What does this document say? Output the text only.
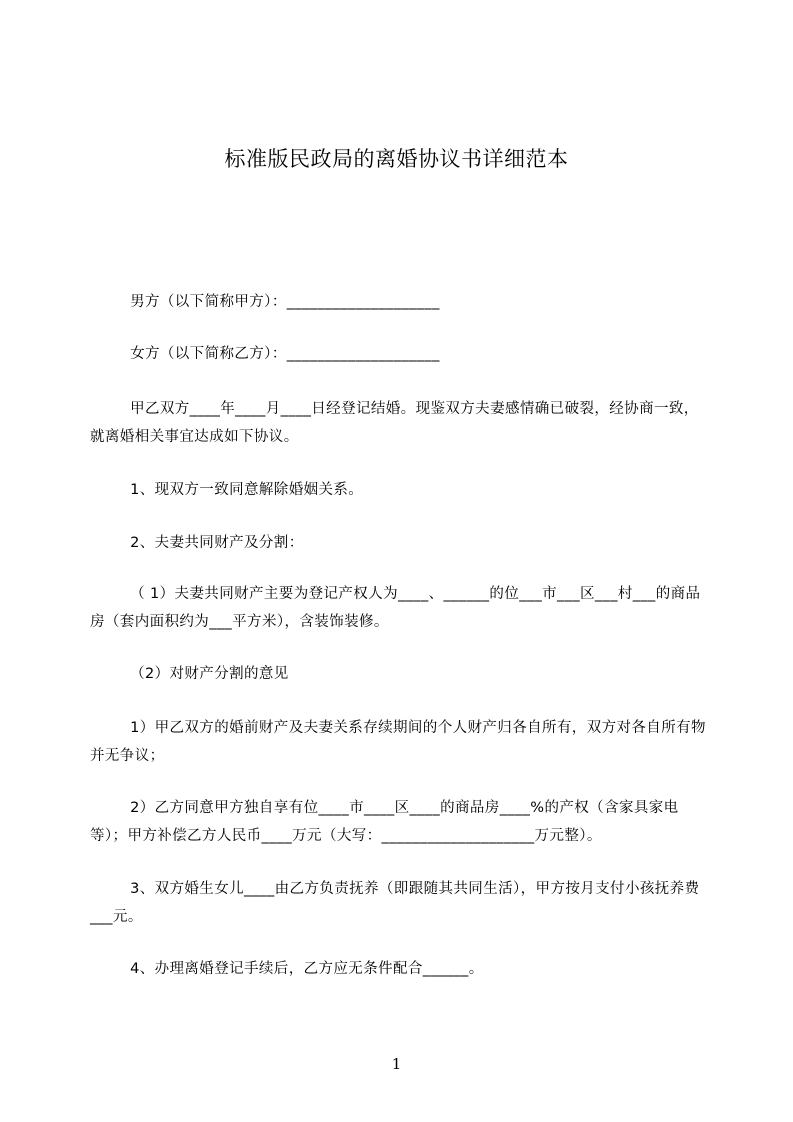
标准版民政局的离婚协议书详细范本

男方（以下简称甲方）：____________________

女方（以下简称乙方）：____________________

甲乙双方____年____月____日经登记结婚。现鉴双方夫妻感情确已破裂，经协商一致，就离婚相关事宜达成如下协议。

1、现双方一致同意解除婚姻关系。

2、夫妻共同财产及分割：

（ 1）夫妻共同财产主要为登记产权人为____、______的位___市___区___村___的商品房（套内面积约为___平方米），含装饰装修。

（2）对财产分割的意见

1）甲乙双方的婚前财产及夫妻关系存续期间的个人财产归各自所有，双方对各自所有物并无争议；

2）乙方同意甲方独自享有位____市____区____的商品房____%的产权（含家具家电等）；甲方补偿乙方人民币____万元（大写：____________________万元整）。

3、双方婚生女儿____由乙方负责抚养（即跟随其共同生活），甲方按月支付小孩抚养费___元。

4、办理离婚登记手续后，乙方应无条件配合______。

1
